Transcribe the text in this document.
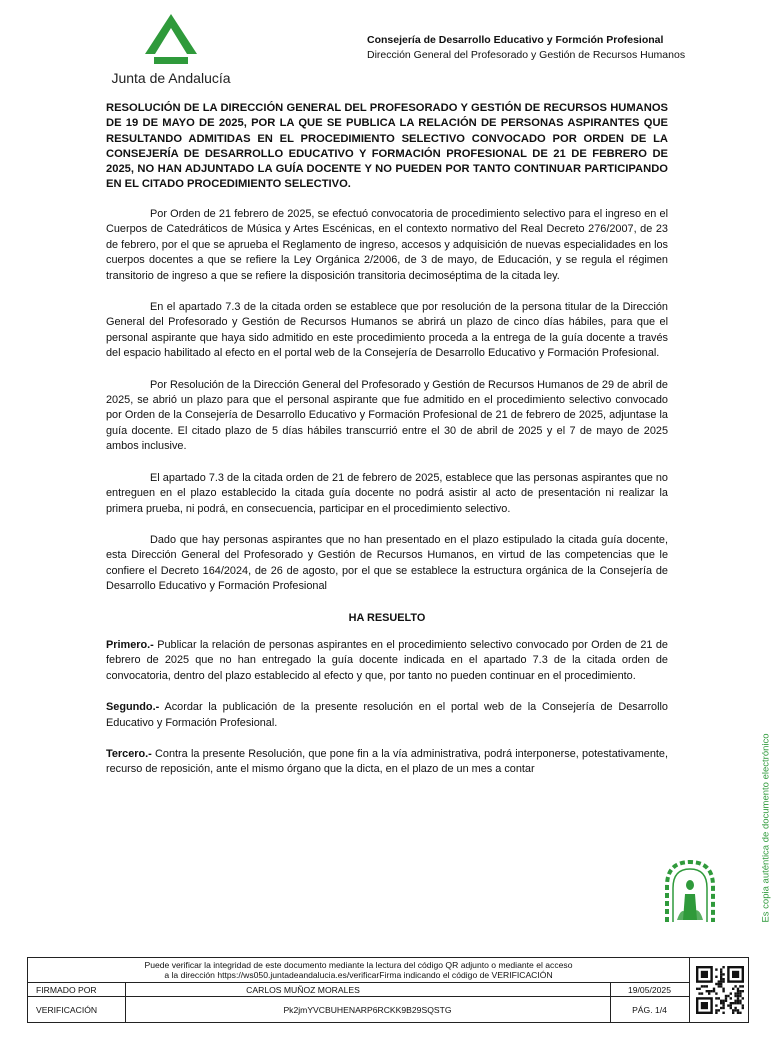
Junta de Andalucía
Consejería de Desarrollo Educativo y Formción Profesional
Dirección General del Profesorado y Gestión de Recursos Humanos
RESOLUCIÓN DE LA DIRECCIÓN GENERAL DEL PROFESORADO Y GESTIÓN DE RECURSOS HUMANOS DE 19 DE MAYO DE 2025, POR LA QUE SE PUBLICA LA RELACIÓN DE PERSONAS ASPIRANTES QUE RESULTANDO ADMITIDAS EN EL PROCEDIMIENTO SELECTIVO CONVOCADO POR ORDEN DE LA CONSEJERÍA DE DESARROLLO EDUCATIVO Y FORMACIÓN PROFESIONAL DE 21 DE FEBRERO DE 2025, NO HAN ADJUNTADO LA GUÍA DOCENTE Y NO PUEDEN POR TANTO CONTINUAR PARTICIPANDO EN EL CITADO PROCEDIMIENTO SELECTIVO.

Por Orden de 21 febrero de 2025, se efectuó convocatoria de procedimiento selectivo para el ingreso en el Cuerpos de Catedráticos de Música y Artes Escénicas, en el contexto normativo del Real Decreto 276/2007, de 23 de febrero, por el que se aprueba el Reglamento de ingreso, accesos y adquisición de nuevas especialidades en los cuerpos docentes a que se refiere la Ley Orgánica 2/2006, de 3 de mayo, de Educación, y se regula el régimen transitorio de ingreso a que se refiere la disposición transitoria decimoséptima de la citada ley.

En el apartado 7.3 de la citada orden se establece que por resolución de la persona titular de la Dirección General del Profesorado y Gestión de Recursos Humanos se abrirá un plazo de cinco días hábiles, para que el personal aspirante que haya sido admitido en este procedimiento proceda a la entrega de la guía docente a través del espacio habilitado al efecto en el portal web de la Consejería de Desarrollo Educativo y Formación Profesional.

Por Resolución de la Dirección General del Profesorado y Gestión de Recursos Humanos de 29 de abril de 2025, se abrió un plazo para que el personal aspirante que fue admitido en el procedimiento selectivo convocado por Orden de la Consejería de Desarrollo Educativo y Formación Profesional de 21 de febrero de 2025, adjuntase la guía docente. El citado plazo de 5 días hábiles transcurrió entre el 30 de abril de 2025 y el 7 de mayo de 2025 ambos inclusive.

El apartado 7.3 de la citada orden de 21 de febrero de 2025, establece que las personas aspirantes que no entreguen en el plazo establecido la citada guía docente no podrá asistir al acto de presentación ni realizar la primera prueba, ni podrá, en consecuencia, participar en el procedimiento selectivo.

Dado que hay personas aspirantes que no han presentado en el plazo estipulado la citada guía docente, esta Dirección General del Profesorado y Gestión de Recursos Humanos, en virtud de las competencias que le confiere el Decreto 164/2024, de 26 de agosto, por el que se establece la estructura orgánica de la Consejería de Desarrollo Educativo y Formación Profesional

HA RESUELTO

Primero.- Publicar la relación de personas aspirantes en el procedimiento selectivo convocado por Orden de 21 de febrero de 2025 que no han entregado la guía docente indicada en el apartado 7.3 de la citada orden de convocatoria, dentro del plazo establecido al efecto y que, por tanto no pueden continuar en el procedimiento.

Segundo.- Acordar la publicación de la presente resolución en el portal web de la Consejería de Desarrollo Educativo y Formación Profesional.

Tercero.- Contra la presente Resolución, que pone fin a la vía administrativa, podrá interponerse, potestativamente, recurso de reposición, ante el mismo órgano que la dicta, en el plazo de un mes a contar	Es copia auténtica de documento electrónico
Puede verificar la integridad de este documento mediante la lectura del código QR adjunto o mediante el acceso
a la dirección https://ws050.juntadeandalucia.es/verificarFirma indicando el código de VERIFICACIÓN
FIRMADO POR	CARLOS MUÑOZ MORALES	19/05/2025
VERIFICACIÓN	Pk2jmYVCBUHENARP6RCKK9B29SQSTG	PÁG. 1/4
